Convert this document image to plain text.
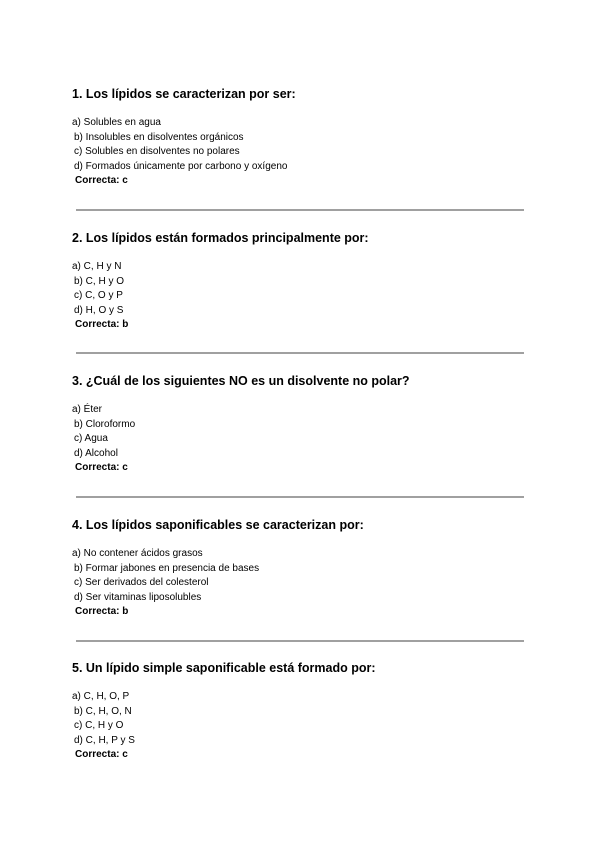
1. Los lípidos se caracterizan por ser:
a) Solubles en agua
b) Insolubles en disolventes orgánicos
c) Solubles en disolventes no polares
d) Formados únicamente por carbono y oxígeno
Correcta: c
2. Los lípidos están formados principalmente por:
a) C, H y N
b) C, H y O
c) C, O y P
d) H, O y S
Correcta: b
3. ¿Cuál de los siguientes NO es un disolvente no polar?
a) Éter
b) Cloroformo
c) Agua
d) Alcohol
Correcta: c
4. Los lípidos saponificables se caracterizan por:
a) No contener ácidos grasos
b) Formar jabones en presencia de bases
c) Ser derivados del colesterol
d) Ser vitaminas liposolubles
Correcta: b
5. Un lípido simple saponificable está formado por:
a) C, H, O, P
b) C, H, O, N
c) C, H y O
d) C, H, P y S
Correcta: c
